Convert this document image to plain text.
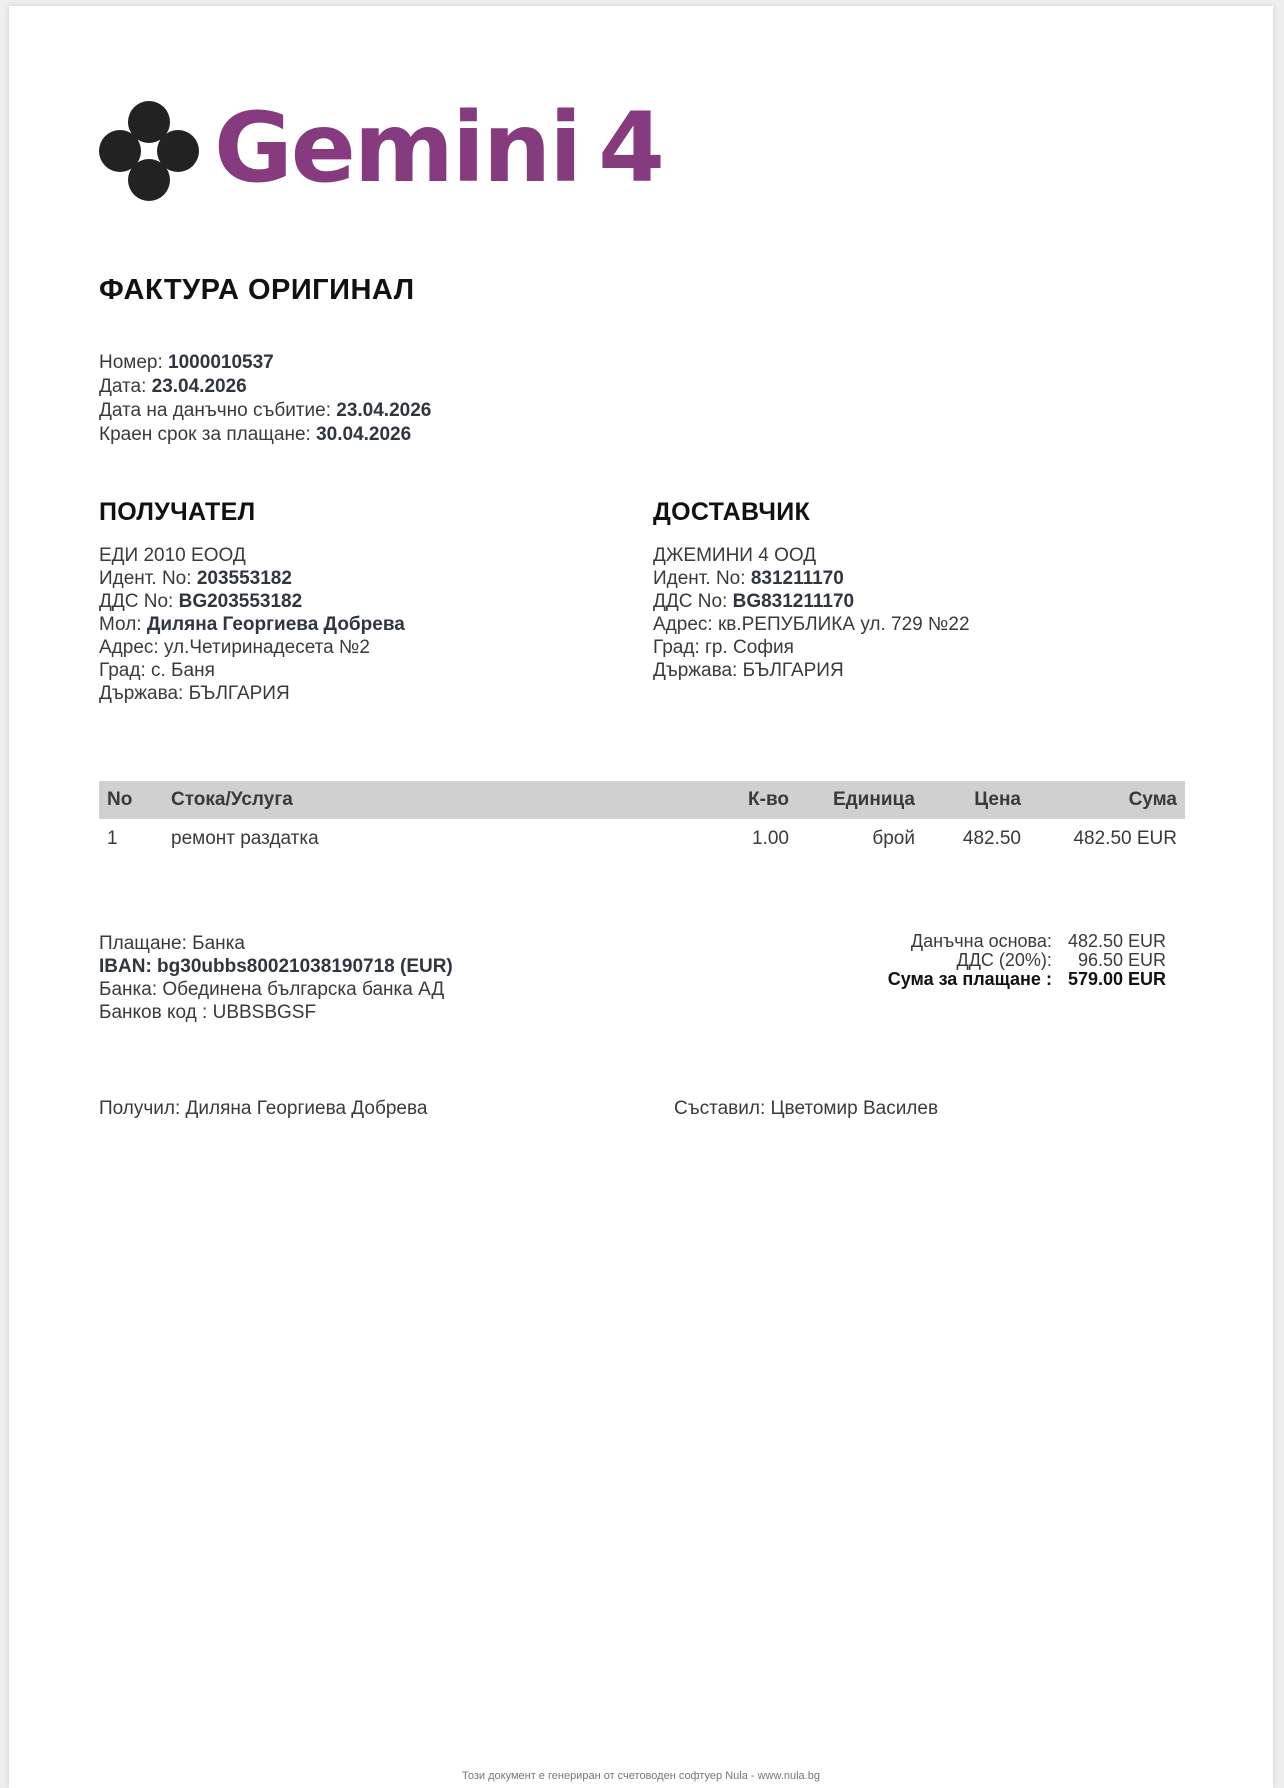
Gemini 4
ФАКТУРА ОРИГИНАЛ
Номер: 1000010537
Дата: 23.04.2026
Дата на данъчно събитие: 23.04.2026
Краен срок за плащане: 30.04.2026
ПОЛУЧАТЕЛ
ЕДИ 2010 ЕООД
Идент. No: 203553182
ДДС No: BG203553182
Мол: Диляна Георгиева Добрева
Адрес: ул.Четиринадесета №2
Град: с. Баня
Държава: БЪЛГАРИЯ
ДОСТАВЧИК
ДЖЕМИНИ 4 ООД
Идент. No: 831211170
ДДС No: BG831211170
Адрес: кв.РЕПУБЛИКА ул. 729 №22
Град: гр. София
Държава: БЪЛГАРИЯ
No	Стока/Услуга	К-во	Единица	Цена	Сума
1	ремонт раздатка	1.00	брой	482.50	482.50 EUR
Плащане: Банка
IBAN: bg30ubbs80021038190718 (EUR)
Банка: Обединена българска банка АД
Банков код : UBBSBGSF
Данъчна основа:	482.50 EUR
ДДС (20%):	96.50 EUR
Сума за плащане :	579.00 EUR
Получил: Диляна Георгиева Добрева	Съставил: Цветомир Василев
Този документ е генериран от счетоводен софтуер Nula - www.nula.bg
